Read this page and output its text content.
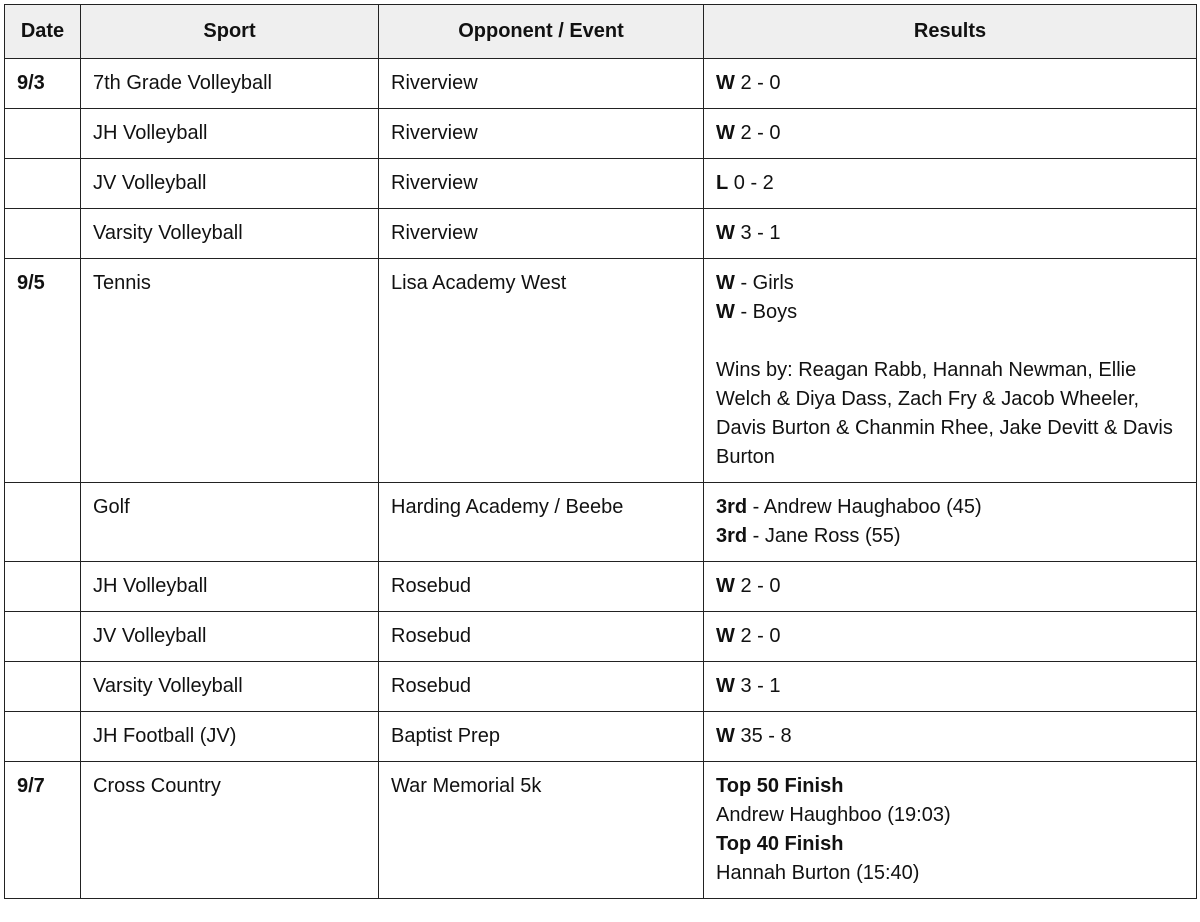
Date	Sport	Opponent / Event	Results
9/3	7th Grade Volleyball	Riverview	W 2 - 0

	JH Volleyball	Riverview	W 2 - 0

	JV Volleyball	Riverview	L 0 - 2

	Varsity Volleyball	Riverview	W 3 - 1

9/5	Tennis	Lisa Academy West	W - Girls
W - Boys
Wins by: Reagan Rabb, Hannah Newman, Ellie Welch & Diya Dass, Zach Fry & Jacob Wheeler, Davis Burton & Chanmin Rhee, Jake Devitt & Davis Burton

	Golf	Harding Academy / Beebe	3rd - Andrew Haughaboo (45)
3rd - Jane Ross (55)

	JH Volleyball	Rosebud	W 2 - 0

	JV Volleyball	Rosebud	W 2 - 0

	Varsity Volleyball	Rosebud	W 3 - 1

	JH Football (JV)	Baptist Prep	W 35 - 8

9/7	Cross Country	War Memorial 5k	Top 50 Finish
Andrew Haughboo (19:03)
Top 40 Finish
Hannah Burton (15:40)
